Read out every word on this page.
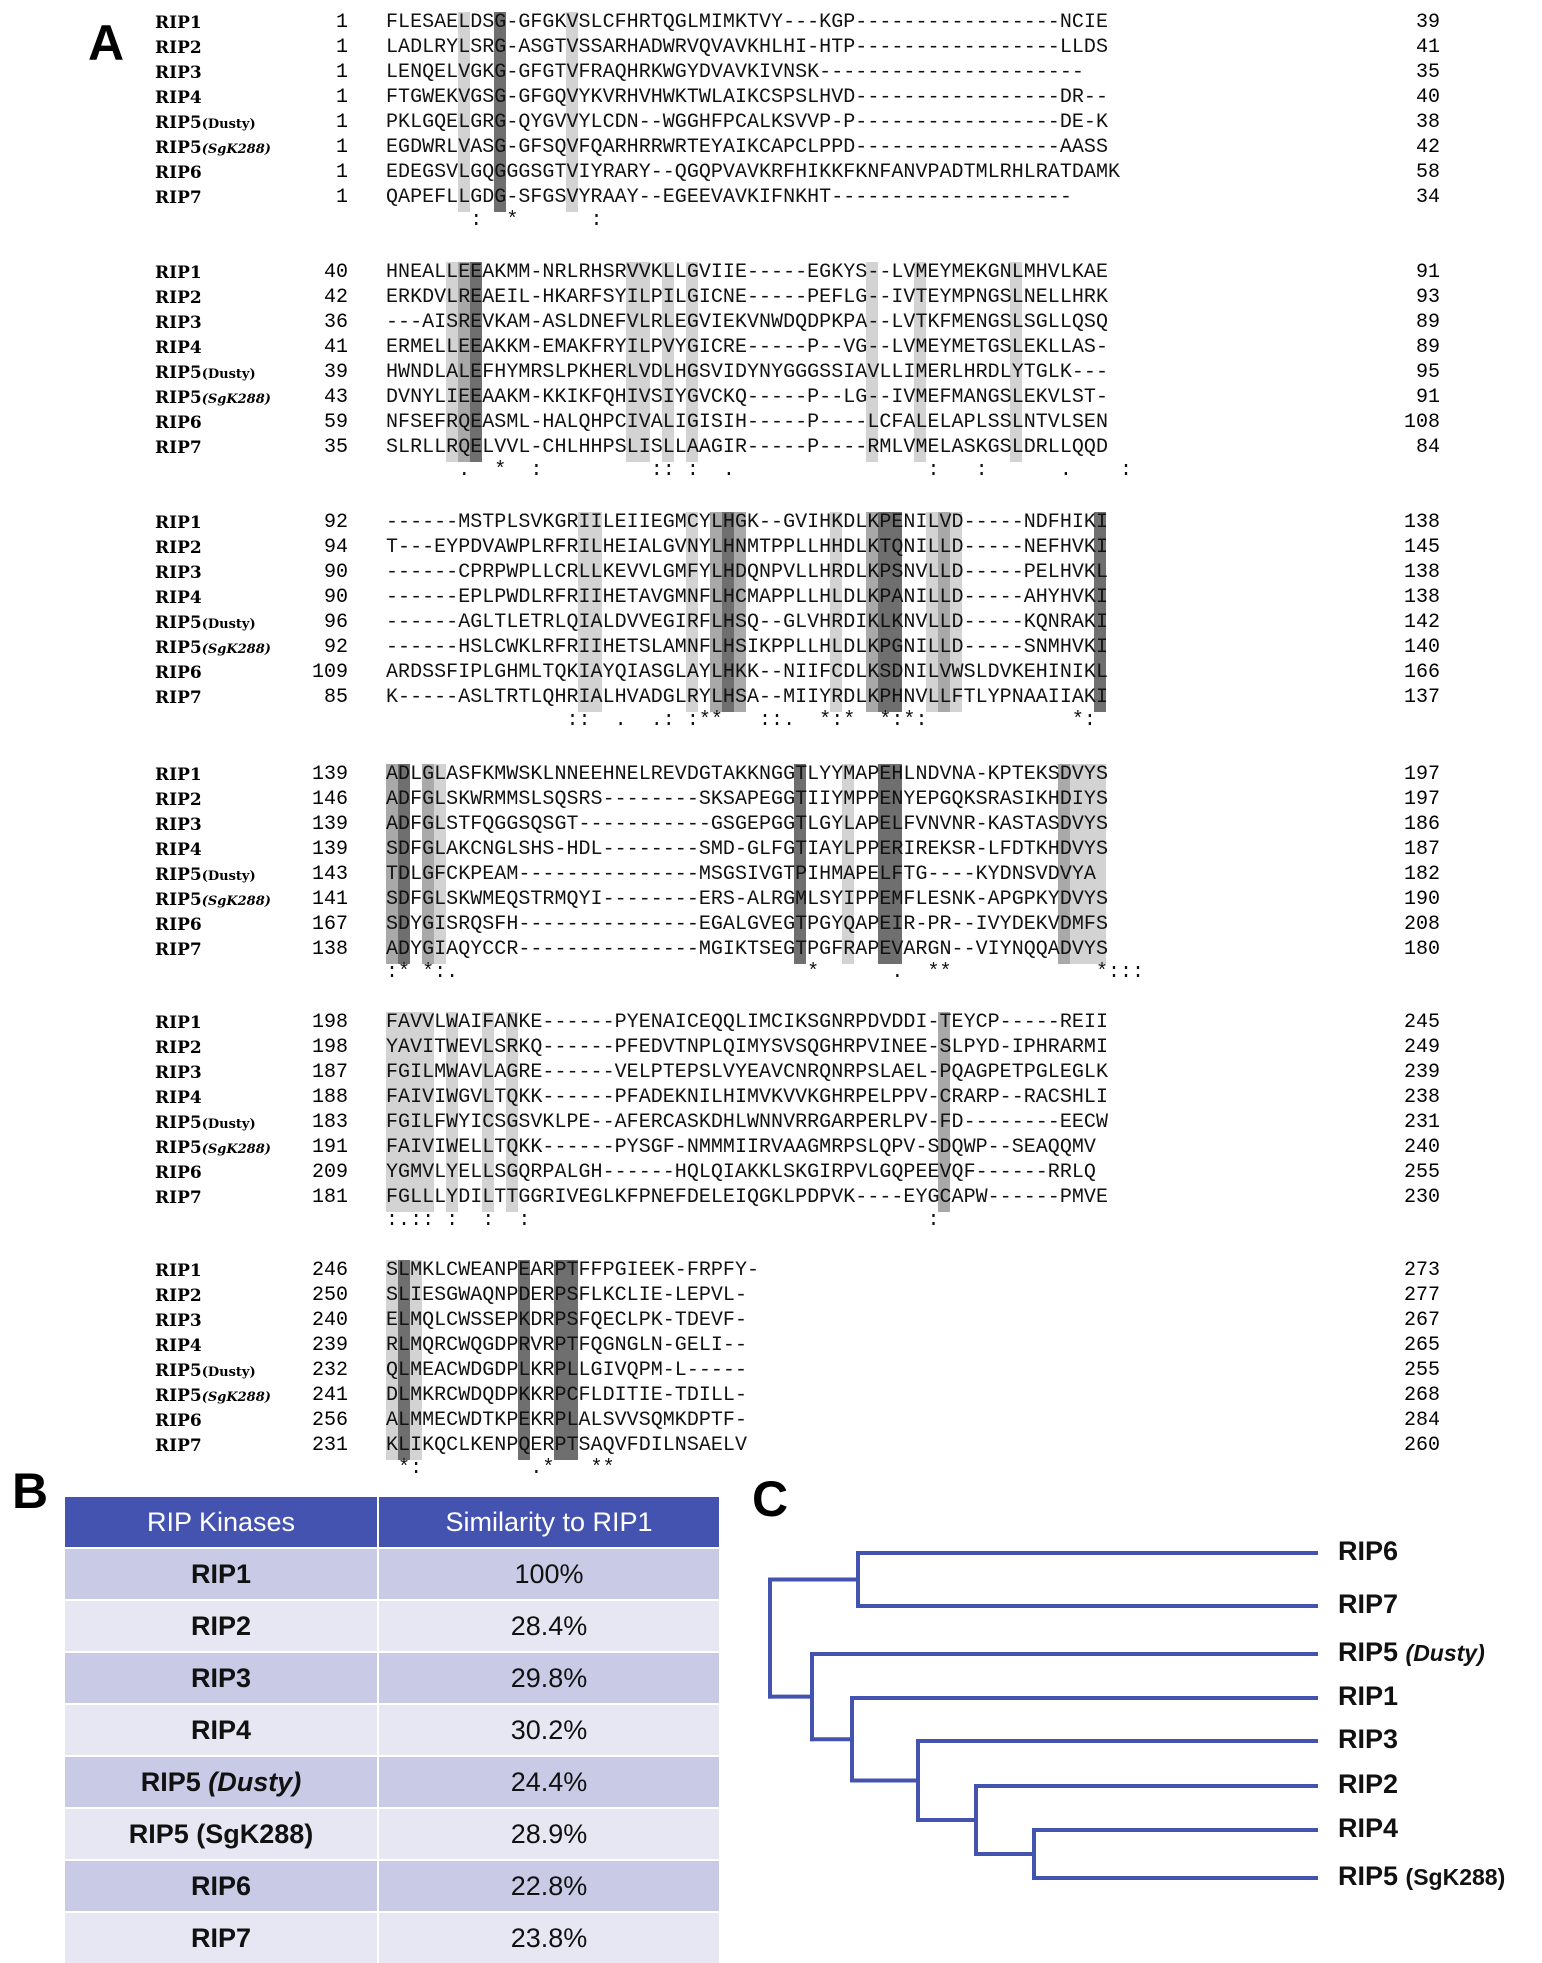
A
B	C
RIP1	1 FLESAELDSG-GFGKVSLCFHRTQGLMIMKTVY---KGP-----------------NCIE	39
RIP2	1 LADLRYLSRG-ASGTVSSARHADWRVQVAVKHLHI-HTP-----------------LLDS	41
RIP3	1 LENQELVGKG-GFGTVFRAQHRKWGYDVAVKIVNSK----------------------	35
RIP4	1 FTGWEKVGSG-GFGQVYKVRHVHWKTWLAIKCSPSLHVD-----------------DR--	40
RIP5(Dusty)	1 PKLGQELGRG-QYGVVYLCDN--WGGHFPCALKSVVP-P-----------------DE-K	38
RIP5(SgK288)	1 EGDWRLVASG-GFSQVFQARHRRWRTEYAIKCAPCLPPD-----------------AASS	42
RIP6	1 EDEGSVLGQGGGSGTVIYRARY--QGQPVAVKRFHIKKFKNFANVPADTMLRHLRATDAMK	58
RIP7	1 QAPEFLLGDG-SFGSVYRAAY--EGEEVAVKIFNKHT--------------------	34
:  *      :
RIP1	40 HNEALLEEAKMM-NRLRHSRVVKLLGVIIE-----EGKYS--LVMEYMEKGNLMHVLKAE	91
RIP2	42 ERKDVLREAEIL-HKARFSYILPILGICNE-----PEFLG--IVTEYMPNGSLNELLHRK	93
RIP3	36 ---AISREVKAM-ASLDNEFVLRLEGVIEKVNWDQDPKPA--LVTKFMENGSLSGLLQSQ	89
RIP4	41 ERMELLEEAKKM-EMAKFRYILPVYGICRE-----P--VG--LVMEYMETGSLEKLLAS-	89
RIP5(Dusty)	39 HWNDLALEFHYMRSLPKHERLVDLHGSVIDYNYGGGSSIAVLLIMERLHRDLYTGLK---	95
RIP5(SgK288)	43 DVNYLIEEAAKM-KKIKFQHIVSIYGVCKQ-----P--LG--IVMEFMANGSLEKVLST-	91
RIP6	59 NFSEFRQEASML-HALQHPCIVALIGISIH-----P----LCFALELAPLSSLNTVLSEN	108
RIP7	35 SLRLLRQELVVL-CHLHHPSLISLLAAGIR-----P----RMLVMELASKGSLDRLLQQD	84
.  *  :         :: :  .                :   :      .    :
RIP1	92 ------MSTPLSVKGRIILEIIEGMCYLHGK--GVIHKDLKPENILVD-----NDFHIKI	138
RIP2	94 T---EYPDVAWPLRFRILHEIALGVNYLHNMTPPLLHHDLKTQNILLD-----NEFHVKI	145
RIP3	90 ------CPRPWPLLCRLLKEVVLGMFYLHDQNPVLLHRDLKPSNVLLD-----PELHVKL	138
RIP4	90 ------EPLPWDLRFRIIHETAVGMNFLHCMAPPLLHLDLKPANILLD-----AHYHVKI	138
RIP5(Dusty)	96 ------AGLTLETRLQIALDVVEGIRFLHSQ--GLVHRDIKLKNVLLD-----KQNRAKI	142
RIP5(SgK288)	92 ------HSLCWKLRFRIIHETSLAMNFLHSIKPPLLHLDLKPGNILLD-----SNMHVKI	140
RIP6	109 ARDSSFIPLGHMLTQKIAYQIASGLAYLHKK--NIIFCDLKSDNILVWSLDVKEHINIKL	166
RIP7	85 K-----ASLTRTLQHRIALHVADGLRYLHSA--MIIYRDLKPHNVLLFTLYPNAAIIAKI	137
::  .  .: :**   ::.  *:*  *:*:            *:
RIP1	139 ADLGLASFKMWSKLNNEEHNELREVDGTAKKNGGTLYYMAPEHLNDVNA-KPTEKSDVYS	197
RIP2	146 ADFGLSKWRMMSLSQSRS--------SKSAPEGGTIIYMPPENYEPGQKSRASIKHDIYS	197
RIP3	139 ADFGLSTFQGGSQSGT-----------GSGEPGGTLGYLAPELFVNVNR-KASTASDVYS	186
RIP4	139 SDFGLAKCNGLSHS-HDL--------SMD-GLFGTIAYLPPERIREKSR-LFDTKHDVYS	187
RIP5(Dusty)	143 TDLGFCKPEAM---------------MSGSIVGTPIHMAPELFTG----KYDNSVDVYA	182
RIP5(SgK288)	141 SDFGLSKWMEQSTRMQYI--------ERS-ALRGMLSYIPPEMFLESNK-APGPKYDVYS	190
RIP6	167 SDYGISRQSFH---------------EGALGVEGTPGYQAPEIR-PR--IVYDEKVDMFS	208
RIP7	138 ADYGIAQYCCR---------------MGIKTSEGTPGFRAPEVARGN--VIYNQQADVYS	180
:* *:.                             *      .  **            *:::
RIP1	198 FAVVLWAIFANKE------PYENAICEQQLIMCIKSGNRPDVDDI-TEYCP-----REII	245
RIP2	198 YAVITWEVLSRKQ------PFEDVTNPLQIMYSVSQGHRPVINEE-SLPYD-IPHRARMI	249
RIP3	187 FGILMWAVLAGRE------VELPTEPSLVYEAVCNRQNRPSLAEL-PQAGPETPGLEGLK	239
RIP4	188 FAIVIWGVLTQKK------PFADEKNILHIMVKVVKGHRPELPPV-CRARP--RACSHLI	238
RIP5(Dusty)	183 FGILFWYICSGSVKLPE--AFERCASKDHLWNNVRRGARPERLPV-FD--------EECW	231
RIP5(SgK288)	191 FAIVIWELLTQKK------PYSGF-NMMMIIRVAAGMRPSLQPV-SDQWP--SEAQQMV	240
RIP6	209 YGMVLYELLSGQRPALGH------HQLQIAKKLSKGIRPVLGQPEEVQF------RRLQ	255
RIP7	181 FGLLLYDILTTGGRIVEGLKFPNEFDELEIQGKLPDPVK----EYGCAPW------PMVE	230
:.:: :  :  :                                 :
RIP1	246 SLMKLCWEANPEARPTFFPGIEEK-FRPFY-	273
RIP2	250 SLIESGWAQNPDERPSFLKCLIE-LEPVL-	277
RIP3	240 ELMQLCWSSEPKDRPSFQECLPK-TDEVF-	267
RIP4	239 RLMQRCWQGDPRVRPTFQGNGLN-GELI--	265
RIP5(Dusty)	232 QLMEACWDGDPLKRPLLGIVQPM-L-----	255
RIP5(SgK288)	241 DLMKRCWDQDPKKRPCFLDITIE-TDILL-	268
RIP6	256 ALMMECWDTKPEKRPLALSVVSQMKDPTF-	284
RIP7	231 KLIKQCLKENPQERPTSAQVFDILNSAELV	260
*:         .*   **
RIP Kinases	Similarity to RIP1
RIP1	100%
RIP2	28.4%
RIP3	29.8%
RIP4	30.2%
RIP5 (Dusty)	24.4%
RIP5 (SgK288)	28.9%
RIP6	22.8%
RIP7	23.8%
RIP6
RIP7
RIP5 (Dusty)
RIP1
RIP3
RIP2
RIP4
RIP5 (SgK288)
